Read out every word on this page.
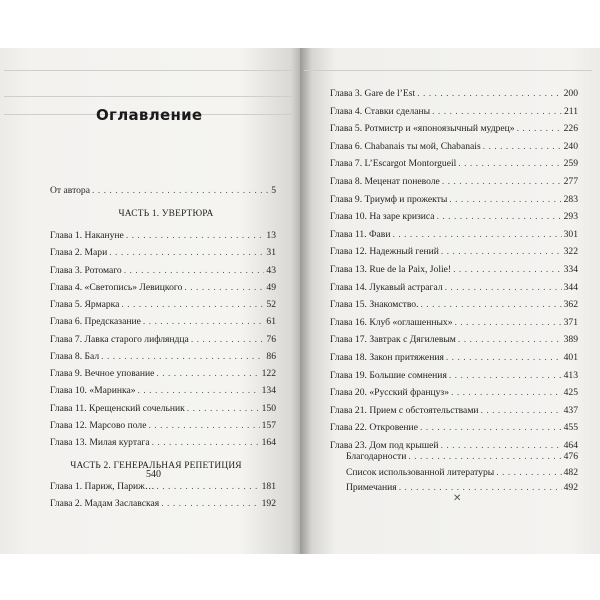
Оглавление
От автора . . .	5
ЧАСТЬ 1. УВЕРТЮРА
Глава 1. Накануне . . .	13
Глава 2. Мари . . .	31
Глава 3. Ротомаго . . .	43
Глава 4. «Светопись» Левицкого . . .	49
Глава 5. Ярмарка . . .	52
Глава 6. Предсказание . . .	61
Глава 7. Лавка старого лифляндца . . .	76
Глава 8. Бал . . .	86
Глава 9. Вечное упование . . .	122
Глава 10. «Маринка» . . .	134
Глава 11. Крещенский сочельник . . .	150
Глава 12. Марсово поле . . .	157
Глава 13. Милая куртага . . .	164
ЧАСТЬ 2. ГЕНЕРАЛЬНАЯ РЕПЕТИЦИЯ
Глава 1. Париж, Париж… . . .	181
Глава 2. Мадам Заславская . . .	192
Глава 3. Gare de l’Est . . .	200
Глава 4. Ставки сделаны . . .	211
Глава 5. Ротмистр и «японоязычный мудрец» . . .	226
Глава 6. Chabanais ты мой, Chabanais . . .	240
Глава 7. L’Escargot Montorgueil . . .	259
Глава 8. Меценат поневоле . . .	277
Глава 9. Триумф и прожекты . . .	283
Глава 10. На заре кризиса . . .	293
Глава 11. Фави . . .	301
Глава 12. Надежный гений . . .	322
Глава 13. Rue de la Paix, Jolie! . . .	334
Глава 14. Лукавый астрагал . . .	344
Глава 15. Знакомство. . . .	362
Глава 16. Клуб «оглашенных» . . .	371
Глава 17. Завтрак с Дягилевым . . .	389
Глава 18. Закон притяжения . . .	401
Глава 19. Большие сомнения . . .	413
Глава 20. «Русский француз» . . .	425
Глава 21. Прием с обстоятельствами . . .	437
Глава 22. Откровение . . .	455
Глава 23. Дом под крышей . . .	464
Благодарности . . .	476
Список использованной литературы . . .	482
Примечания . . .	492
540
✕
